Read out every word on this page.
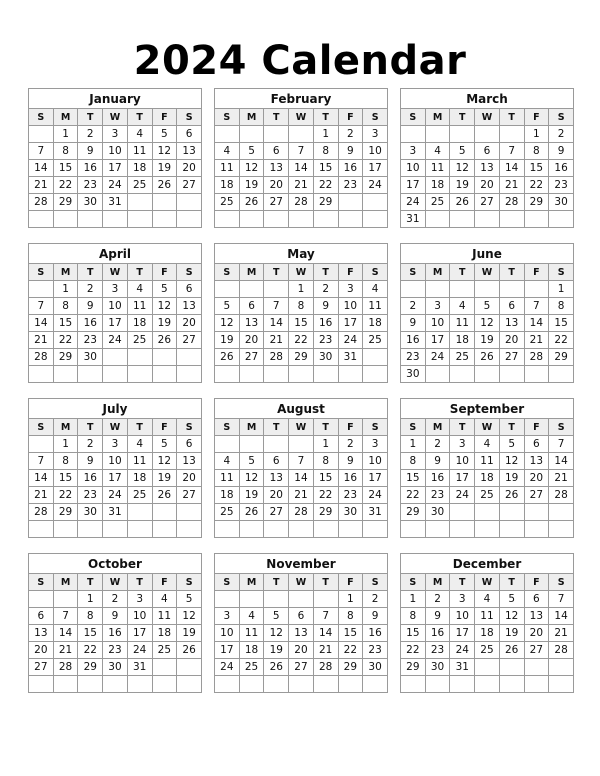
2024 Calendar
January
S	M	T	W	T	F	S
	1	2	3	4	5	6
7	8	9	10	11	12	13
14	15	16	17	18	19	20
21	22	23	24	25	26	27
28	29	30	31			

February
S	M	T	W	T	F	S
				1	2	3
4	5	6	7	8	9	10
11	12	13	14	15	16	17
18	19	20	21	22	23	24
25	26	27	28	29		

March
S	M	T	W	T	F	S
					1	2
3	4	5	6	7	8	9
10	11	12	13	14	15	16
17	18	19	20	21	22	23
24	25	26	27	28	29	30
31						
April
S	M	T	W	T	F	S
	1	2	3	4	5	6
7	8	9	10	11	12	13
14	15	16	17	18	19	20
21	22	23	24	25	26	27
28	29	30				

May
S	M	T	W	T	F	S
			1	2	3	4
5	6	7	8	9	10	11
12	13	14	15	16	17	18
19	20	21	22	23	24	25
26	27	28	29	30	31	

June
S	M	T	W	T	F	S
						1
2	3	4	5	6	7	8
9	10	11	12	13	14	15
16	17	18	19	20	21	22
23	24	25	26	27	28	29
30						
July
S	M	T	W	T	F	S
	1	2	3	4	5	6
7	8	9	10	11	12	13
14	15	16	17	18	19	20
21	22	23	24	25	26	27
28	29	30	31			

August
S	M	T	W	T	F	S
				1	2	3
4	5	6	7	8	9	10
11	12	13	14	15	16	17
18	19	20	21	22	23	24
25	26	27	28	29	30	31

September
S	M	T	W	T	F	S
1	2	3	4	5	6	7
8	9	10	11	12	13	14
15	16	17	18	19	20	21
22	23	24	25	26	27	28
29	30					

October
S	M	T	W	T	F	S
		1	2	3	4	5
6	7	8	9	10	11	12
13	14	15	16	17	18	19
20	21	22	23	24	25	26
27	28	29	30	31		

November
S	M	T	W	T	F	S
					1	2
3	4	5	6	7	8	9
10	11	12	13	14	15	16
17	18	19	20	21	22	23
24	25	26	27	28	29	30

December
S	M	T	W	T	F	S
1	2	3	4	5	6	7
8	9	10	11	12	13	14
15	16	17	18	19	20	21
22	23	24	25	26	27	28
29	30	31				
